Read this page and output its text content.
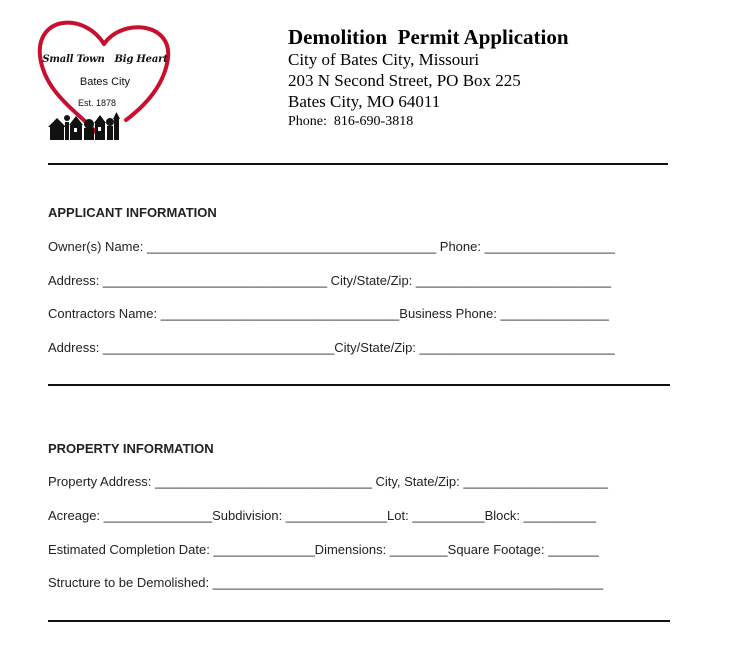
Small Town Big Heart
Bates City
Est. 1878
Demolition  Permit Application
City of Bates City, Missouri
203 N Second Street, PO Box 225
Bates City, MO 64011
Phone:  816-690-3818
APPLICANT INFORMATION
Owner(s) Name: ________________________________________ Phone: __________________
Address: _______________________________ City/State/Zip: ___________________________
Contractors Name: _________________________________Business Phone: _______________
Address: ________________________________City/State/Zip: ___________________________
PROPERTY INFORMATION
Property Address: ______________________________ City, State/Zip: ____________________
Acreage: _______________Subdivision: ______________Lot: __________Block: __________
Estimated Completion Date: ______________Dimensions: ________Square Footage: _______
Structure to be Demolished: ______________________________________________________
